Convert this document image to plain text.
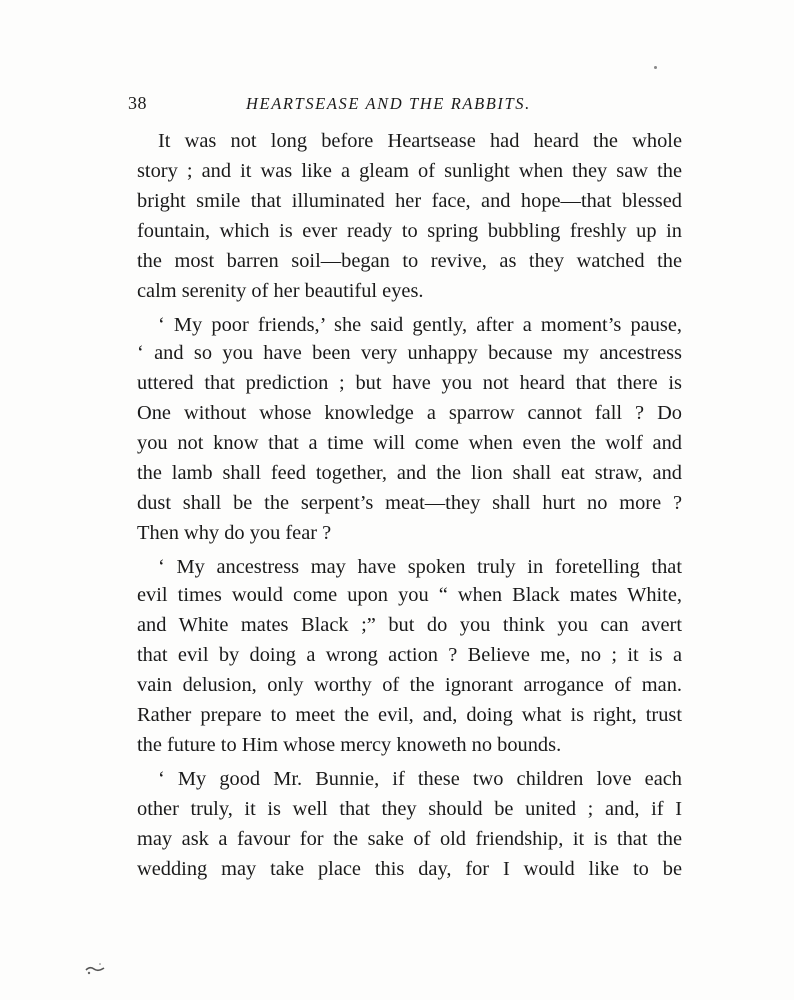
38	HEARTSEASE AND THE RABBITS.
It was not long before Heartsease had heard the whole
story ; and it was like a gleam of sunlight when they saw the
bright smile that illuminated her face, and hope—that blessed
fountain, which is ever ready to spring bubbling freshly up in
the most barren soil—began to revive, as they watched the
calm serenity of her beautiful eyes.
‘ My poor friends,’ she said gently, after a moment’s pause,
‘ and so you have been very unhappy because my ancestress
uttered that prediction ; but have you not heard that there is
One without whose knowledge a sparrow cannot fall ? Do
you not know that a time will come when even the wolf and
the lamb shall feed together, and the lion shall eat straw, and
dust shall be the serpent’s meat—they shall hurt no more ?
Then why do you fear ?
‘ My ancestress may have spoken truly in foretelling that
evil times would come upon you “ when Black mates White,
and White mates Black ;” but do you think you can avert
that evil by doing a wrong action ? Believe me, no ; it is a
vain delusion, only worthy of the ignorant arrogance of man.
Rather prepare to meet the evil, and, doing what is right, trust
the future to Him whose mercy knoweth no bounds.
‘ My good Mr. Bunnie, if these two children love each
other truly, it is well that they should be united ; and, if I
may ask a favour for the sake of old friendship, it is that the
wedding may take place this day, for I would like to be
